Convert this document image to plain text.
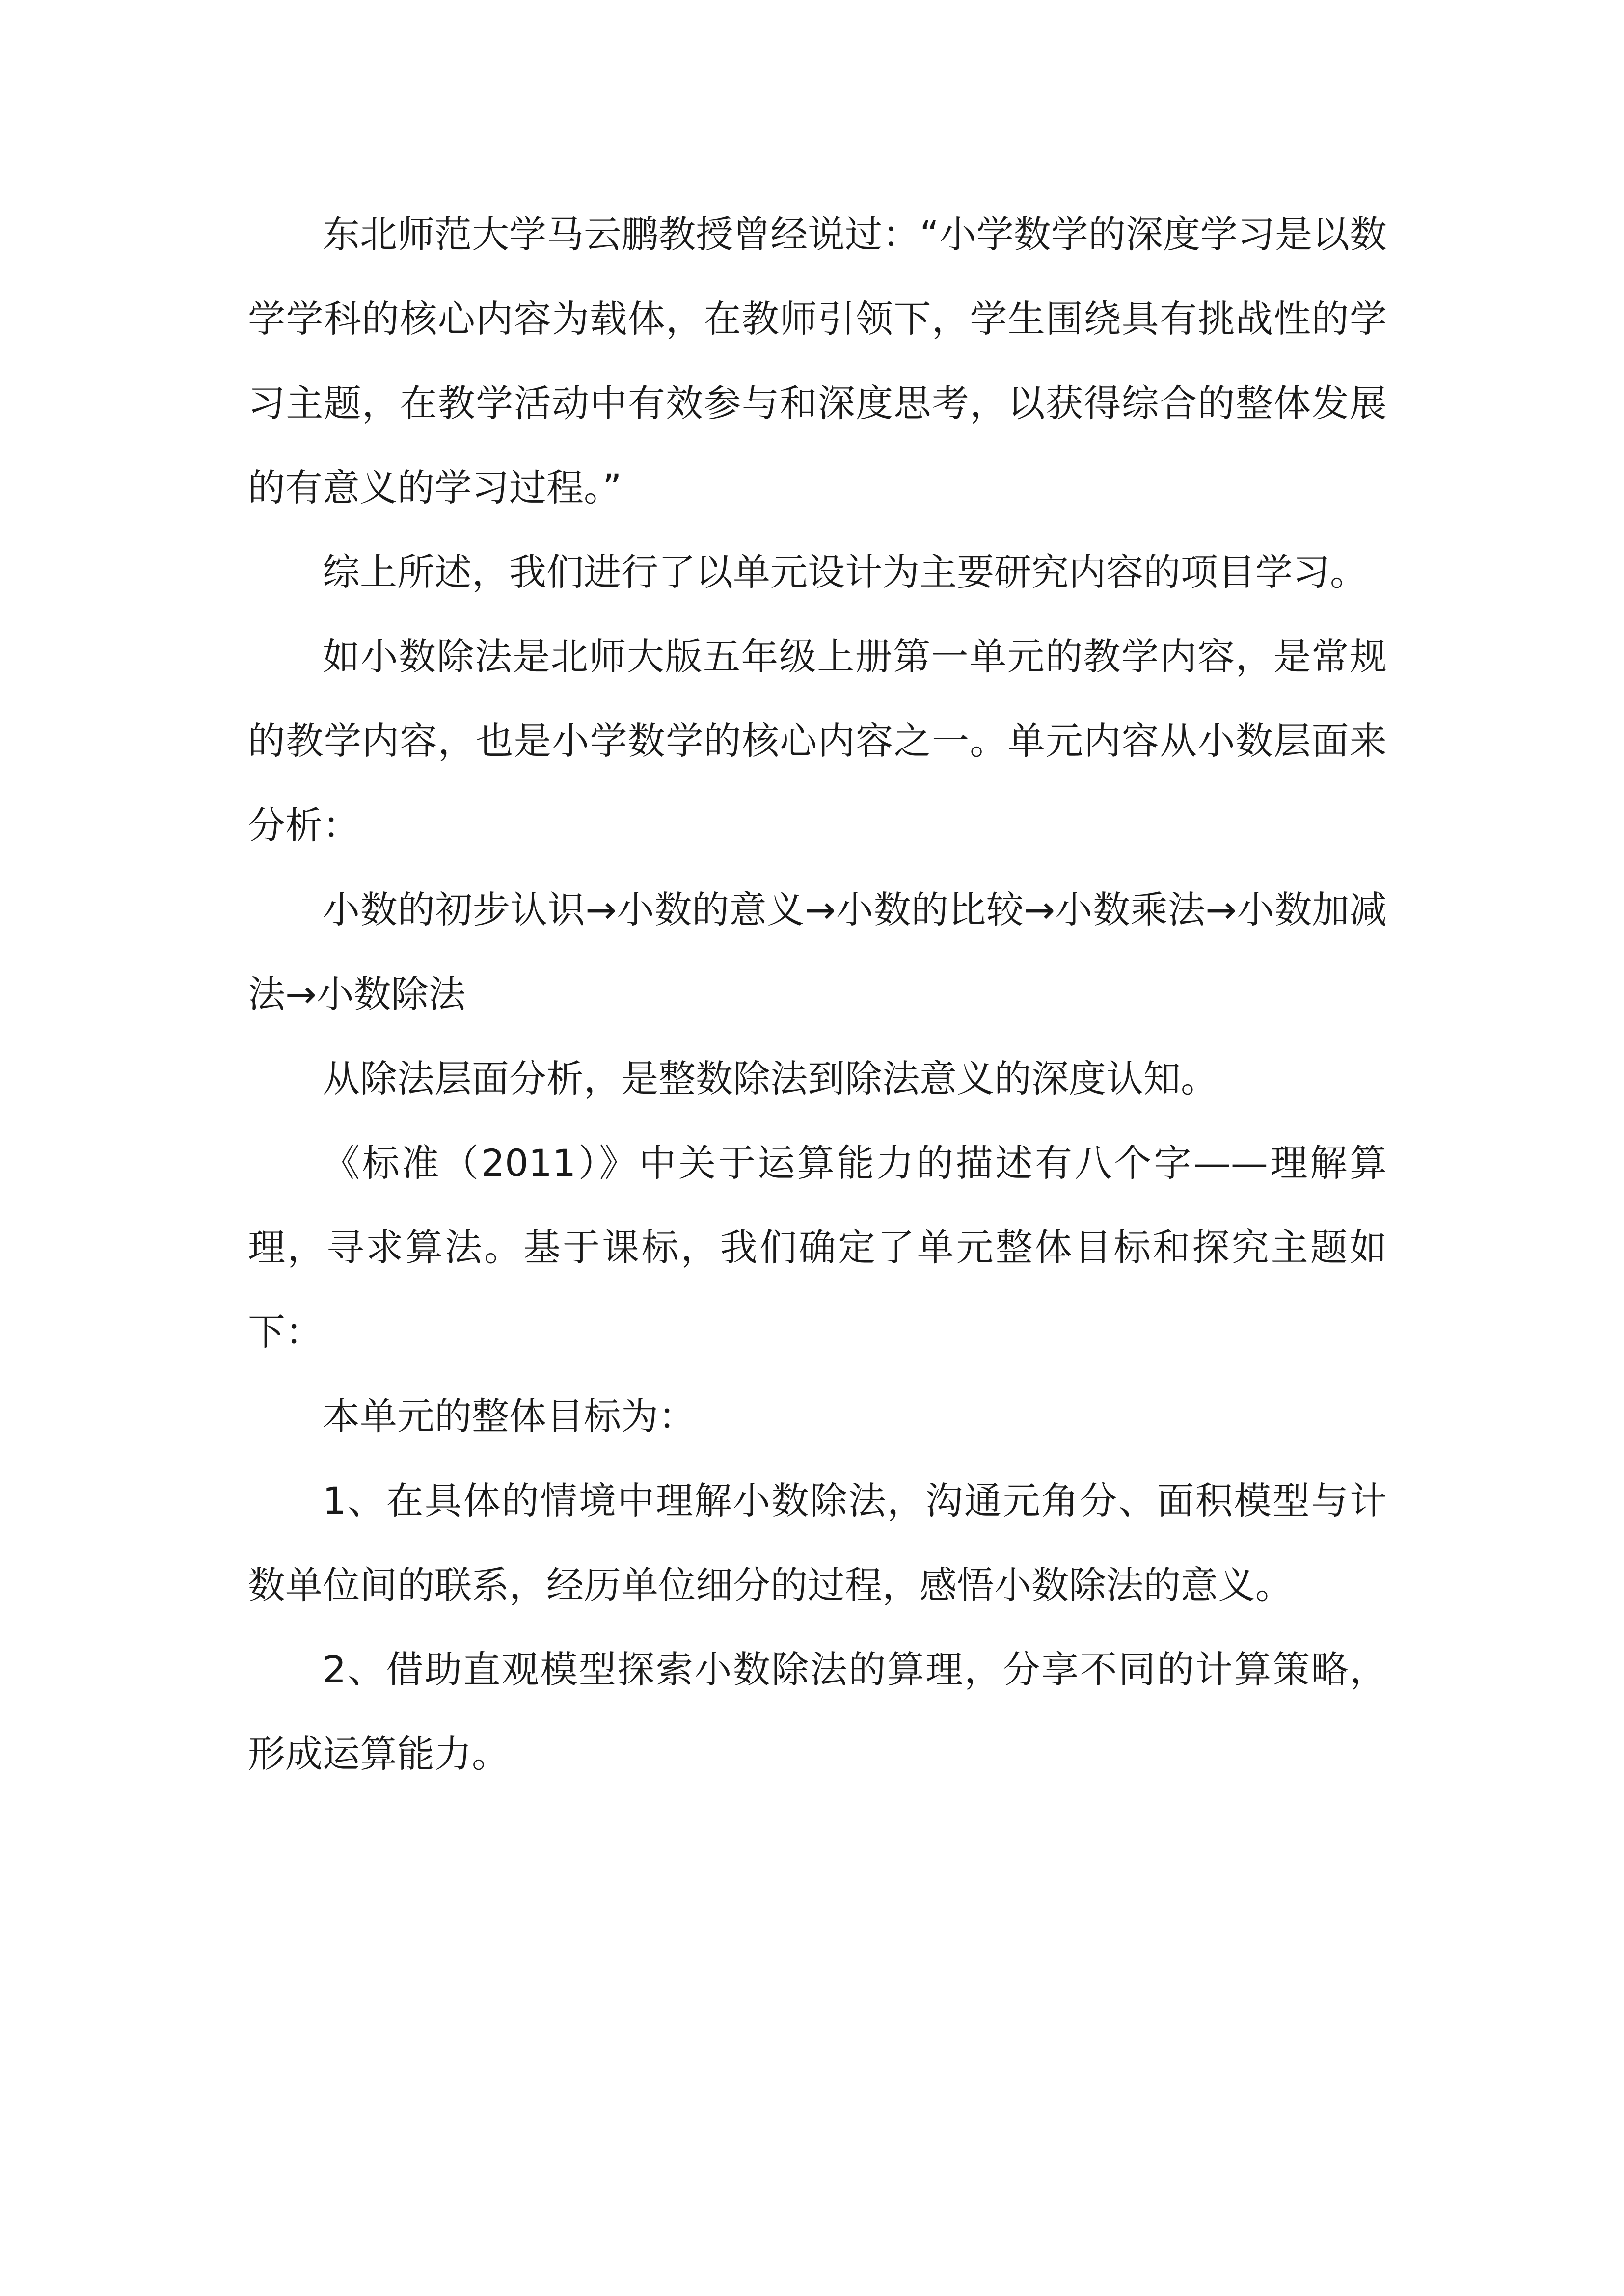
东北师范大学马云鹏教授曾经说过：“小学数学的深度学习是以数学学科的核心内容为载体，在教师引领下，学生围绕具有挑战性的学习主题，在教学活动中有效参与和深度思考，以获得综合的整体发展的有意义的学习过程。”

综上所述，我们进行了以单元设计为主要研究内容的项目学习。

如小数除法是北师大版五年级上册第一单元的教学内容，是常规的教学内容，也是小学数学的核心内容之一。单元内容从小数层面来分析：

小数的初步认识→小数的意义→小数的比较→小数乘法→小数加减法→小数除法

从除法层面分析，是整数除法到除法意义的深度认知。

《标准（2011）》中关于运算能力的描述有八个字——理解算理，寻求算法。基于课标，我们确定了单元整体目标和探究主题如下：

本单元的整体目标为：

1、在具体的情境中理解小数除法，沟通元角分、面积模型与计数单位间的联系，经历单位细分的过程，感悟小数除法的意义。

2、借助直观模型探索小数除法的算理，分享不同的计算策略，形成运算能力。
